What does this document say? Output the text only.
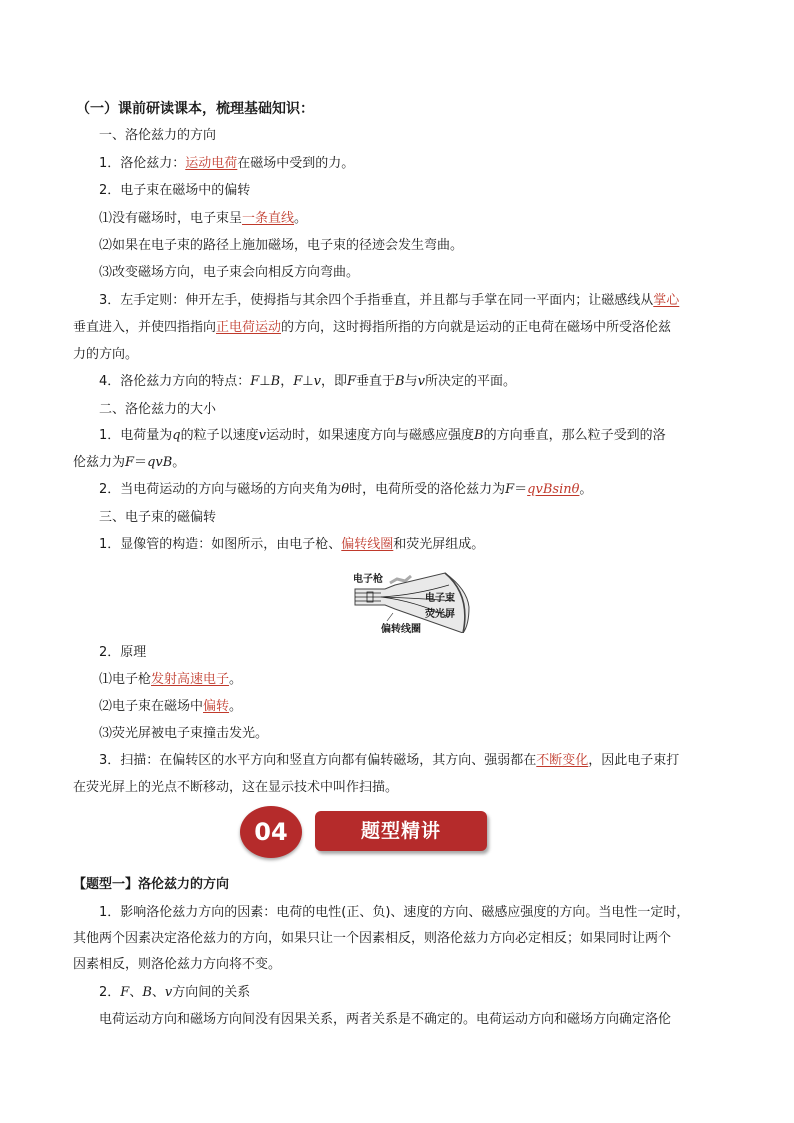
（一）课前研读课本，梳理基础知识：
一、洛伦兹力的方向
1．洛伦兹力：运动电荷在磁场中受到的力。
2．电子束在磁场中的偏转
⑴没有磁场时，电子束呈一条直线。
⑵如果在电子束的路径上施加磁场，电子束的径迹会发生弯曲。
⑶改变磁场方向，电子束会向相反方向弯曲。
3．左手定则：伸开左手，使拇指与其余四个手指垂直，并且都与手掌在同一平面内；让磁感线从掌心
垂直进入，并使四指指向正电荷运动的方向，这时拇指所指的方向就是运动的正电荷在磁场中所受洛伦兹
力的方向。
4．洛伦兹力方向的特点：F⊥B，F⊥v，即F垂直于B与v所决定的平面。
二、洛伦兹力的大小
1．电荷量为q的粒子以速度v运动时，如果速度方向与磁感应强度B的方向垂直，那么粒子受到的洛
伦兹力为F＝qvB。
2．当电荷运动的方向与磁场的方向夹角为θ时，电荷所受的洛伦兹力为F＝qvBsinθ。
三、电子束的磁偏转
1．显像管的构造：如图所示，由电子枪、偏转线圈和荧光屏组成。
电子枪
电子束
荧光屏
偏转线圈
2．原理
⑴电子枪发射高速电子。
⑵电子束在磁场中偏转。
⑶荧光屏被电子束撞击发光。
3．扫描：在偏转区的水平方向和竖直方向都有偏转磁场，其方向、强弱都在不断变化，因此电子束打
在荧光屏上的光点不断移动，这在显示技术中叫作扫描。
04	题型精讲
【题型一】洛伦兹力的方向
1．影响洛伦兹力方向的因素：电荷的电性(正、负)、速度的方向、磁感应强度的方向。当电性一定时，
其他两个因素决定洛伦兹力的方向，如果只让一个因素相反，则洛伦兹力方向必定相反；如果同时让两个
因素相反，则洛伦兹力方向将不变。
2．F、B、v方向间的关系
电荷运动方向和磁场方向间没有因果关系，两者关系是不确定的。电荷运动方向和磁场方向确定洛伦
